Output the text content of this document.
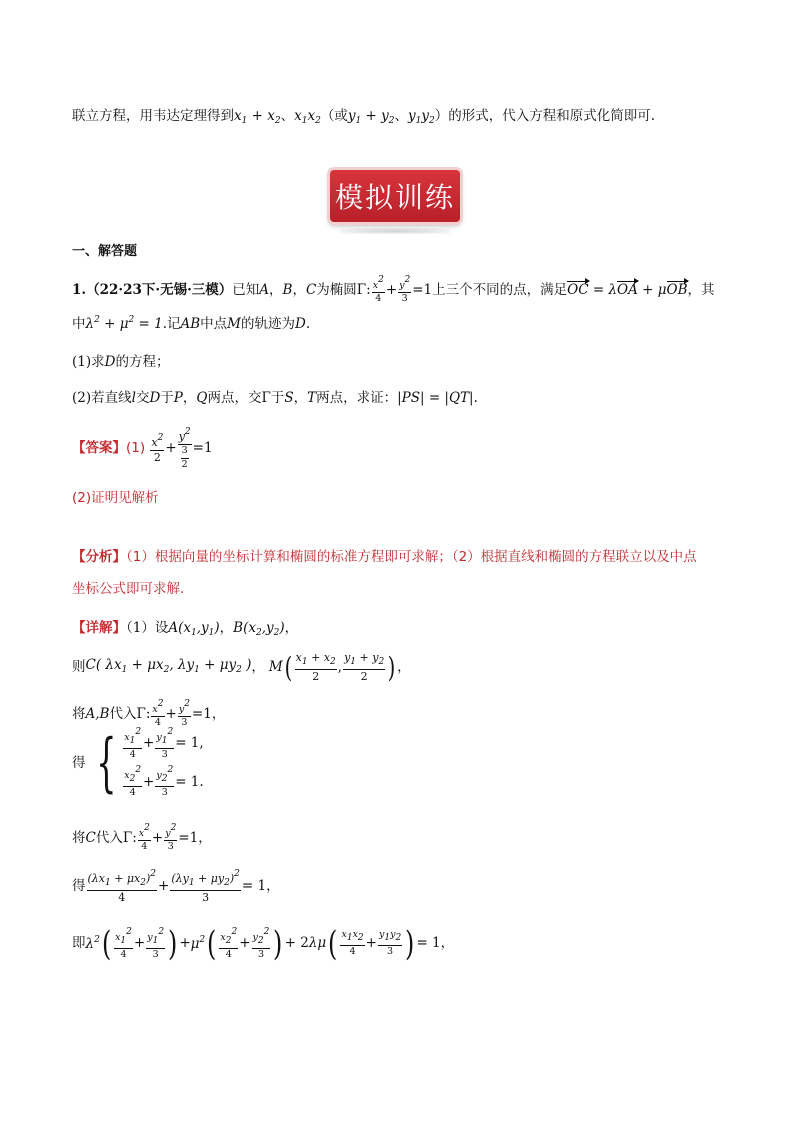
联立方程，用韦达定理得到$x_1 + x_2$、$x_1x_2$（或$y_1 + y_2$、$y_1y_2$）的形式，代入方程和原式化简即可.
模拟训练
一、解答题
1.（22·23下·无锡·三模）已知A，B，C为椭圆Γ: $\frac{x2}{4} + \frac{y2}{3} =1$上三个不同的点，满足OC = λOA + μOB，其
中$\lambda^2 + \mu^2 = 1$.记AB中点M的轨迹为D.
(1)求D的方程；
(2)若直线l交D于P，Q两点，交Γ于S，T两点，求证：|PS| = |QT|.
【答案】$(1) \frac{x^2}{2} + \frac{y^2}{\frac{3}{2}} =1$
(2)证明见解析
【分析】（1）根据向量的坐标计算和椭圆的标准方程即可求解；（2）根据直线和椭圆的方程联立以及中点
坐标公式即可求解.
【详解】（1）设$A(x_1,y_1)$，$B(x_2,y_2)$，
则 C( $\lambda x_1 + \mu x_2$, $\lambda y_1 + \mu y_2$ ) ， M ( $\frac{x_1 + x_2}{2}$ , $\frac{y_1 + y_2}{2}$ ) ，
将 A,B 代入 Γ : $\frac{x2}{4} + \frac{y2}{3} =1$ ，
得 { $\frac{x12}{4} + \frac{y12}{3} = 1$,
$\frac{x22}{4} + \frac{y22}{3} = 1$.
将 C 代入 Γ : $\frac{x2}{4} + \frac{y2}{3} =1$ ，
得 $\frac{(\lambda x_1 + \mu x_2)^2}{4} + \frac{(\lambda y_1 + \mu y_2)^2}{3} = 1$ ，
即 $\lambda^2$ ( $\frac{x12}{4} + \frac{y12}{3}$ ) + $\mu^2$ ( $\frac{x22}{4} + \frac{y22}{3}$ ) + 2 λμ ( $\frac{x1x2}{4} + \frac{y1y2}{3}$ ) = 1 ，
